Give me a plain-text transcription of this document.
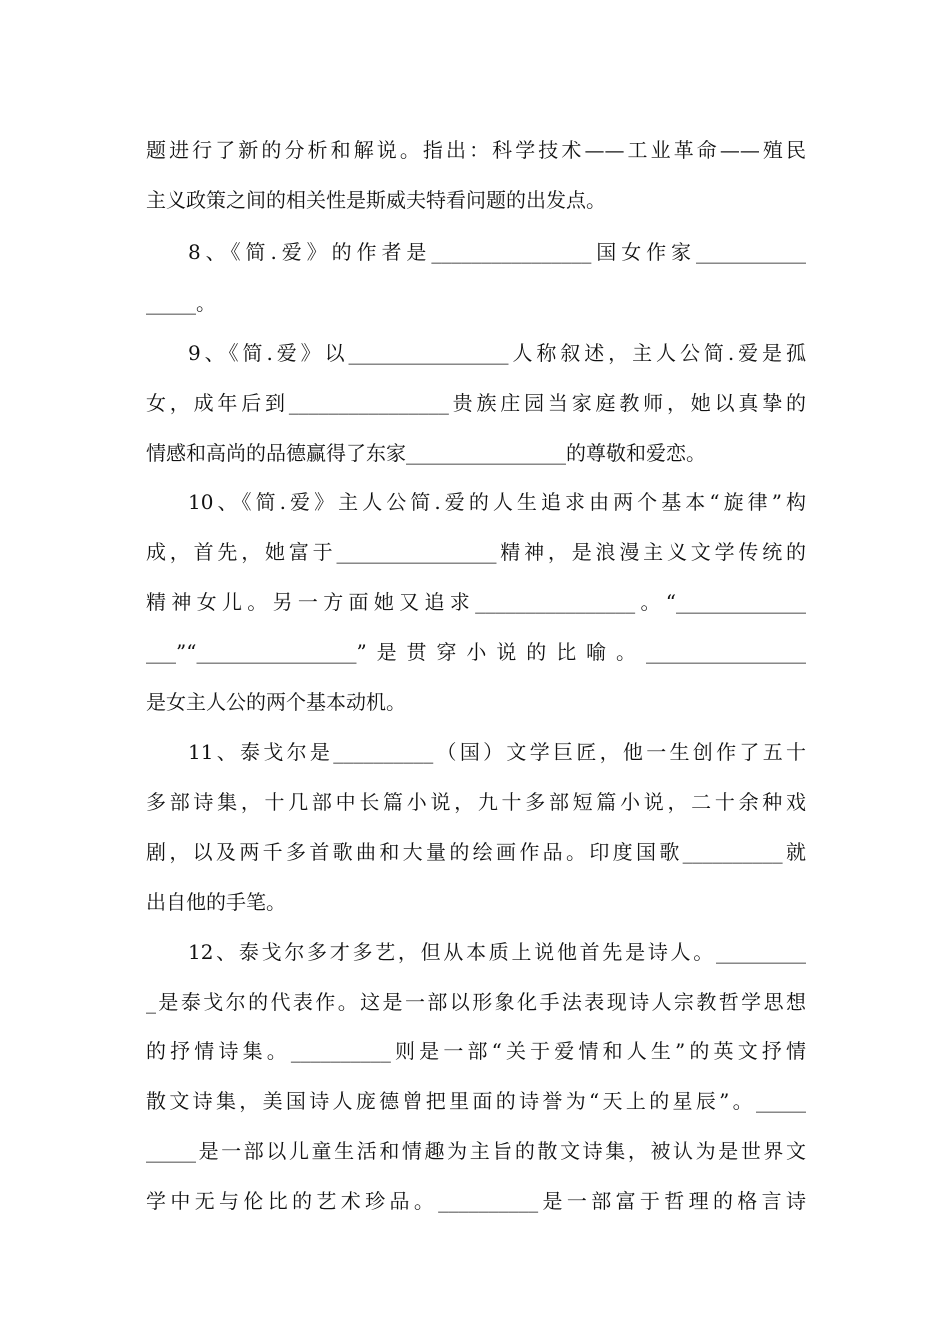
题进行了新的分析和解说。指出：科学技术——工业革命——殖民
主义政策之间的相关性是斯威夫特看问题的出发点。
8、《简.爱》的作者是________________国女作家___________
_____。
9、《简.爱》以________________人称叙述，主人公简.爱是孤
女，成年后到________________贵族庄园当家庭教师，她以真挚的
情感和高尚的品德赢得了东家________________的尊敬和爱恋。
10、《简.爱》主人公简.爱的人生追求由两个基本“旋律”构
成，首先，她富于________________精神，是浪漫主义文学传统的
精神女儿。另一方面她又追求________________。“_____________
___”“________________”是贯穿小说的比喻。________________
是女主人公的两个基本动机。
11、泰戈尔是__________（国）文学巨匠，他一生创作了五十
多部诗集，十几部中长篇小说，九十多部短篇小说，二十余种戏
剧，以及两千多首歌曲和大量的绘画作品。印度国歌__________就
出自他的手笔。
12、泰戈尔多才多艺，但从本质上说他首先是诗人。_________
_是泰戈尔的代表作。这是一部以形象化手法表现诗人宗教哲学思想
的抒情诗集。__________则是一部“关于爱情和人生”的英文抒情
散文诗集，美国诗人庞德曾把里面的诗誉为“天上的星辰”。_____
_____是一部以儿童生活和情趣为主旨的散文诗集，被认为是世界文
学中无与伦比的艺术珍品。__________是一部富于哲理的格言诗
